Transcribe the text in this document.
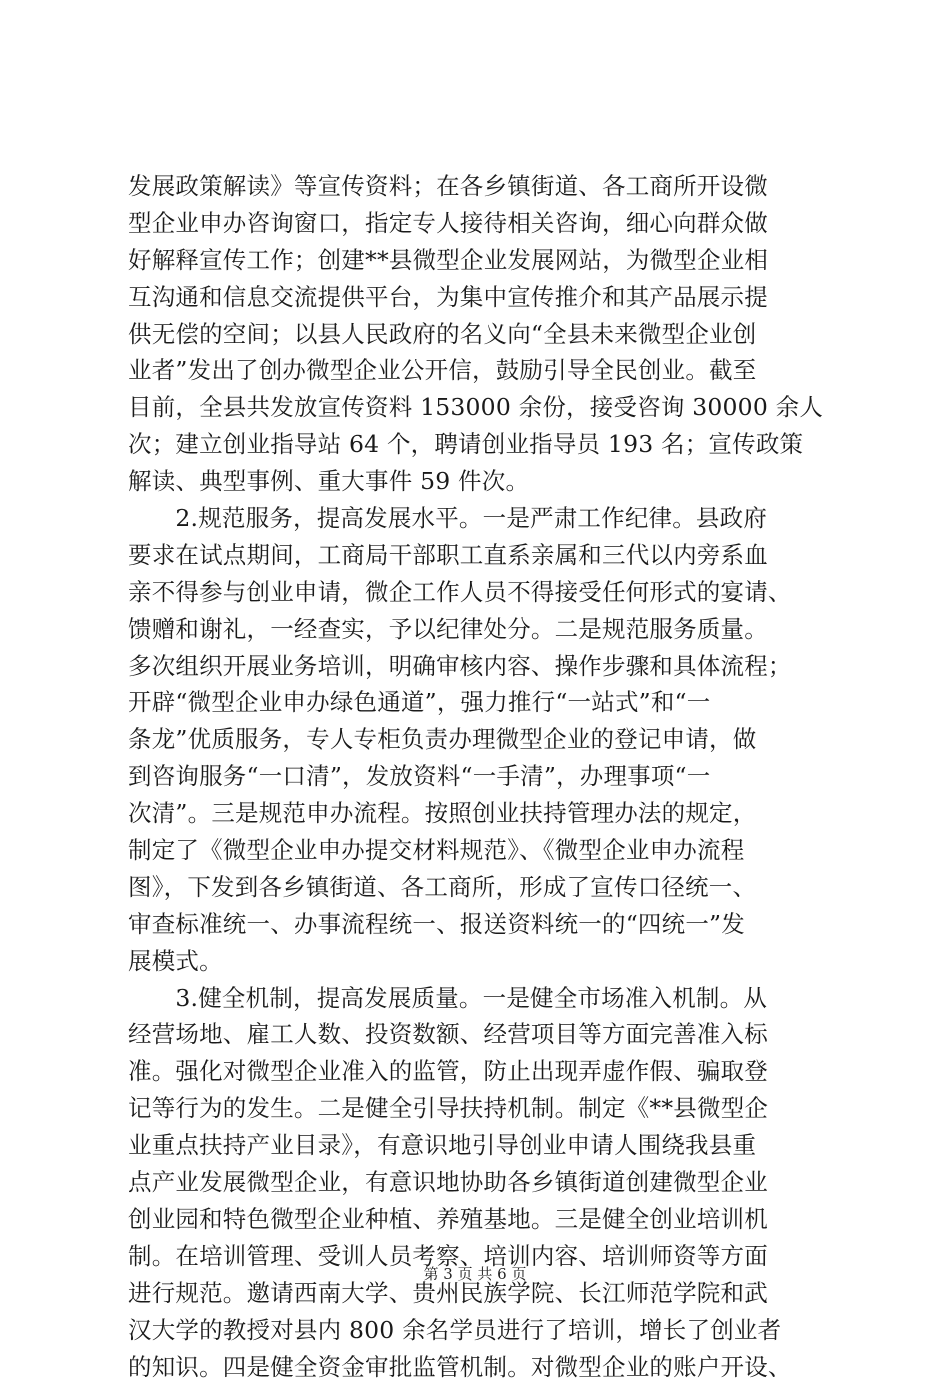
发展政策解读》等宣传资料；在各乡镇街道、各工商所开设微
型企业申办咨询窗口，指定专人接待相关咨询，细心向群众做
好解释宣传工作；创建**县微型企业发展网站，为微型企业相
互沟通和信息交流提供平台，为集中宣传推介和其产品展示提
供无偿的空间；以县人民政府的名义向“全县未来微型企业创
业者”发出了创办微型企业公开信，鼓励引导全民创业。截至
目前，全县共发放宣传资料 153000 余份，接受咨询 30000 余人
次；建立创业指导站 64 个，聘请创业指导员 193 名；宣传政策
解读、典型事例、重大事件 59 件次。
　　2.规范服务，提高发展水平。一是严肃工作纪律。县政府
要求在试点期间，工商局干部职工直系亲属和三代以内旁系血
亲不得参与创业申请，微企工作人员不得接受任何形式的宴请、
馈赠和谢礼，一经查实，予以纪律处分。二是规范服务质量。
多次组织开展业务培训，明确审核内容、操作步骤和具体流程；
开辟“微型企业申办绿色通道”，强力推行“一站式”和“一
条龙”优质服务，专人专柜负责办理微型企业的登记申请，做
到咨询服务“一口清”，发放资料“一手清”，办理事项“一
次清”。三是规范申办流程。按照创业扶持管理办法的规定，
制定了《微型企业申办提交材料规范》、《微型企业申办流程
图》，下发到各乡镇街道、各工商所，形成了宣传口径统一、
审查标准统一、办事流程统一、报送资料统一的“四统一”发
展模式。
　　3.健全机制，提高发展质量。一是健全市场准入机制。从
经营场地、雇工人数、投资数额、经营项目等方面完善准入标
准。强化对微型企业准入的监管，防止出现弄虚作假、骗取登
记等行为的发生。二是健全引导扶持机制。制定《**县微型企
业重点扶持产业目录》，有意识地引导创业申请人围绕我县重
点产业发展微型企业，有意识地协助各乡镇街道创建微型企业
创业园和特色微型企业种植、养殖基地。三是健全创业培训机
制。在培训管理、受训人员考察、培训内容、培训师资等方面
进行规范。邀请西南大学、贵州民族学院、长江师范学院和武
汉大学的教授对县内 800 余名学员进行了培训，增长了创业者
的知识。四是健全资金审批监管机制。对微型企业的账户开设、
第 3 页 共 6 页
